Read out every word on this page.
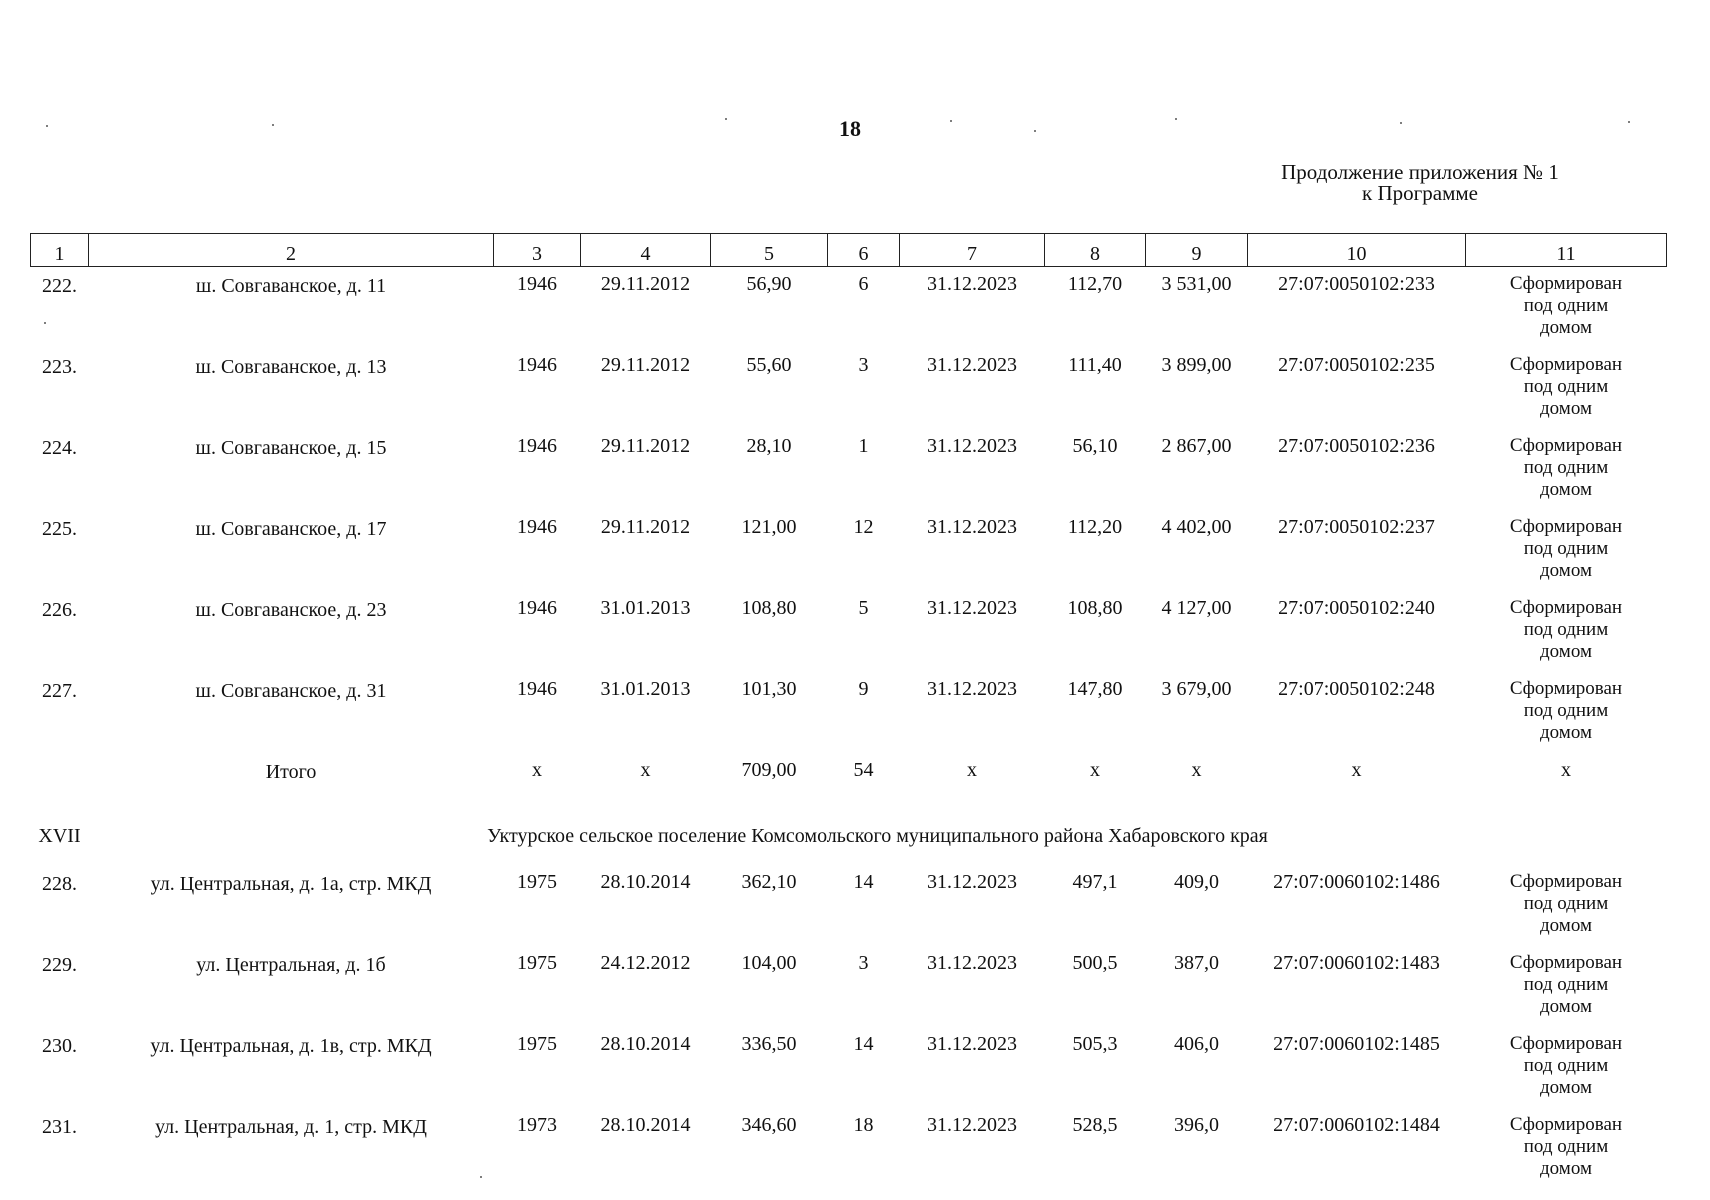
18
Продолжение приложения № 1
к Программе
1	2	3	4	5	6	7	8	9	10	11
222.	ш. Совгаванское, д. 11	1946	29.11.2012	56,90	6	31.12.2023	112,70	3 531,00	27:07:0050102:233	Сформирован
под одним
домом

223.	ш. Совгаванское, д. 13	1946	29.11.2012	55,60	3	31.12.2023	111,40	3 899,00	27:07:0050102:235	Сформирован
под одним
домом

224.	ш. Совгаванское, д. 15	1946	29.11.2012	28,10	1	31.12.2023	56,10	2 867,00	27:07:0050102:236	Сформирован
под одним
домом

225.	ш. Совгаванское, д. 17	1946	29.11.2012	121,00	12	31.12.2023	112,20	4 402,00	27:07:0050102:237	Сформирован
под одним
домом

226.	ш. Совгаванское, д. 23	1946	31.01.2013	108,80	5	31.12.2023	108,80	4 127,00	27:07:0050102:240	Сформирован
под одним
домом

227.	ш. Совгаванское, д. 31	1946	31.01.2013	101,30	9	31.12.2023	147,80	3 679,00	27:07:0050102:248	Сформирован
под одним
домом

	Итого	х	х	709,00	54	х	х	х	х	х
XVII	Уктурское сельское поселение Комсомольского муниципального района Хабаровского края									
228.	ул. Центральная, д. 1а, стр. МКД	1975	28.10.2014	362,10	14	31.12.2023	497,1	409,0	27:07:0060102:1486	Сформирован
под одним
домом

229.	ул. Центральная, д. 1б	1975	24.12.2012	104,00	3	31.12.2023	500,5	387,0	27:07:0060102:1483	Сформирован
под одним
домом

230.	ул. Центральная, д. 1в, стр. МКД	1975	28.10.2014	336,50	14	31.12.2023	505,3	406,0	27:07:0060102:1485	Сформирован
под одним
домом

231.	ул. Центральная, д. 1, стр. МКД	1973	28.10.2014	346,60	18	31.12.2023	528,5	396,0	27:07:0060102:1484	Сформирован
под одним
домом
